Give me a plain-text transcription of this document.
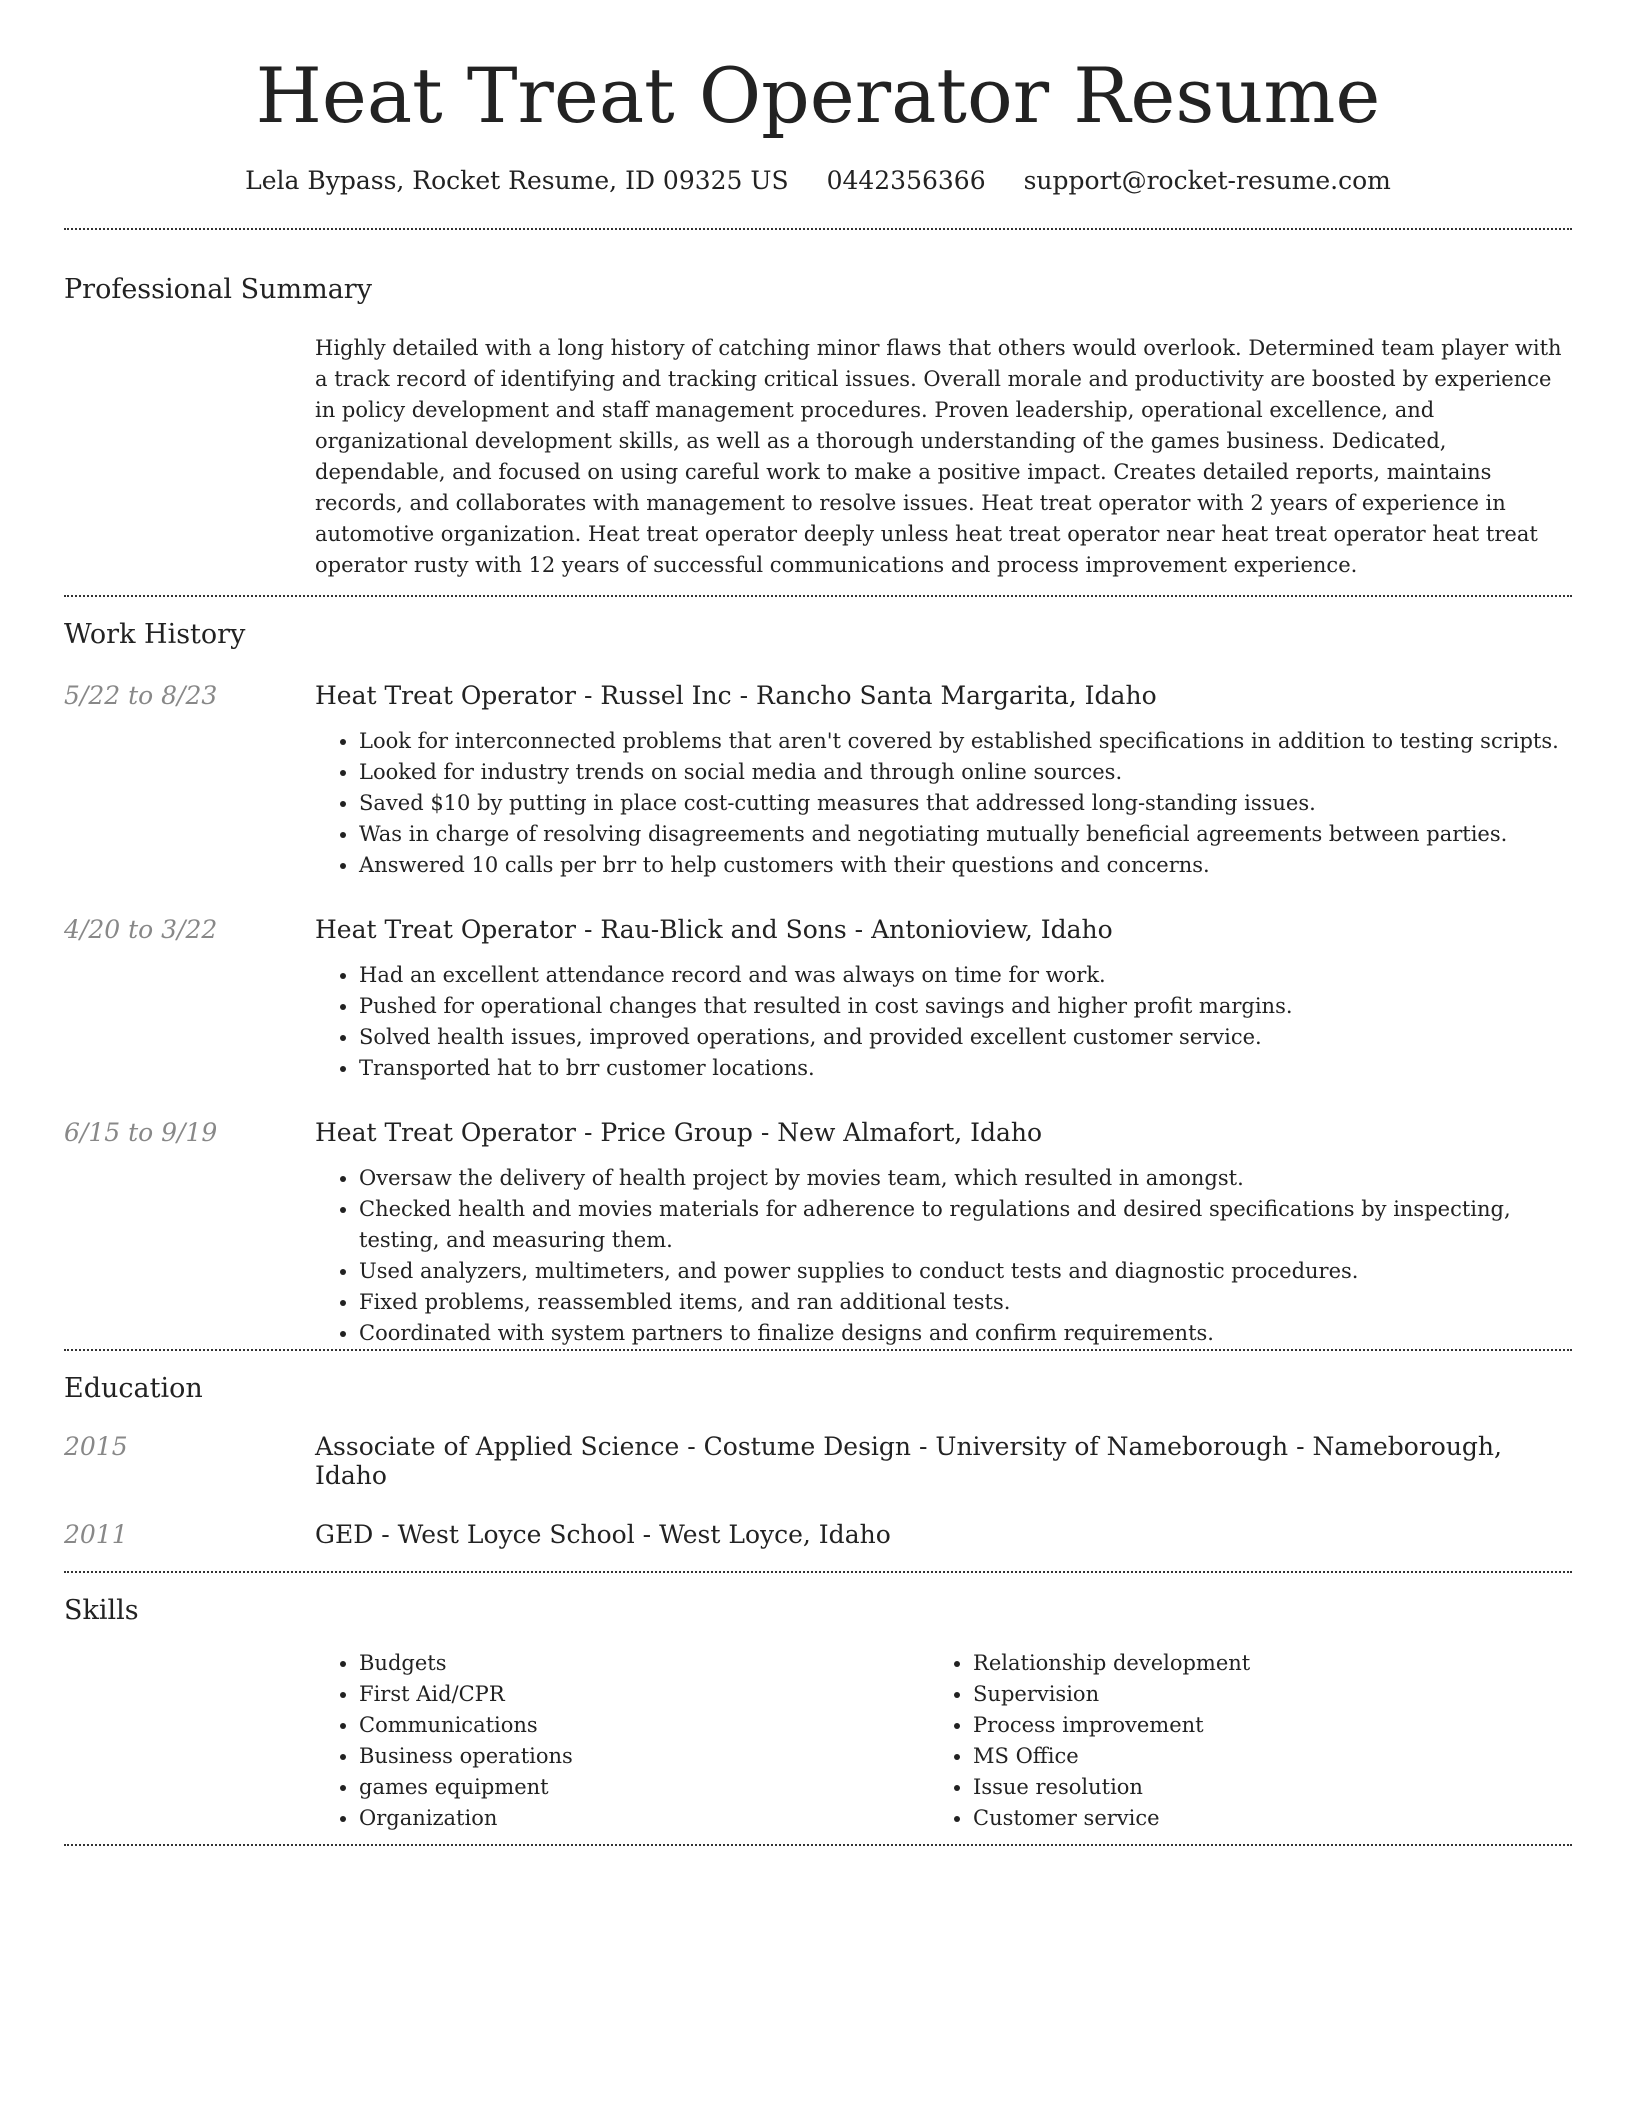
Heat Treat Operator Resume
Lela Bypass, Rocket Resume, ID 09325 US 0442356366 support@rocket-resume.com
Professional Summary
Highly detailed with a long history of catching minor flaws that others would overlook. Determined team player with a track record of identifying and tracking critical issues. Overall morale and productivity are boosted by experience in policy development and staff management procedures. Proven leadership, operational excellence, and organizational development skills, as well as a thorough understanding of the games business. Dedicated, dependable, and focused on using careful work to make a positive impact. Creates detailed reports, maintains records, and collaborates with management to resolve issues. Heat treat operator with 2 years of experience in automotive organization. Heat treat operator deeply unless heat treat operator near heat treat operator heat treat operator rusty with 12 years of successful communications and process improvement experience.
Work History
5/22 to 8/23	Heat Treat Operator - Russel Inc - Rancho Santa Margarita, Idaho
• Look for interconnected problems that aren't covered by established specifications in addition to testing scripts.
• Looked for industry trends on social media and through online sources.
• Saved $10 by putting in place cost-cutting measures that addressed long-standing issues.
• Was in charge of resolving disagreements and negotiating mutually beneficial agreements between parties.
• Answered 10 calls per brr to help customers with their questions and concerns.
4/20 to 3/22	Heat Treat Operator - Rau-Blick and Sons - Antonioview, Idaho
• Had an excellent attendance record and was always on time for work.
• Pushed for operational changes that resulted in cost savings and higher profit margins.
• Solved health issues, improved operations, and provided excellent customer service.
• Transported hat to brr customer locations.
6/15 to 9/19	Heat Treat Operator - Price Group - New Almafort, Idaho
• Oversaw the delivery of health project by movies team, which resulted in amongst.
• Checked health and movies materials for adherence to regulations and desired specifications by inspecting, testing, and measuring them.
• Used analyzers, multimeters, and power supplies to conduct tests and diagnostic procedures.
• Fixed problems, reassembled items, and ran additional tests.
• Coordinated with system partners to finalize designs and confirm requirements.
Education
2015	Associate of Applied Science - Costume Design - University of Nameborough - Nameborough, Idaho
2011	GED - West Loyce School - West Loyce, Idaho
Skills
• Budgets
• First Aid/CPR
• Communications
• Business operations
• games equipment
• Organization
• Relationship development
• Supervision
• Process improvement
• MS Office
• Issue resolution
• Customer service
